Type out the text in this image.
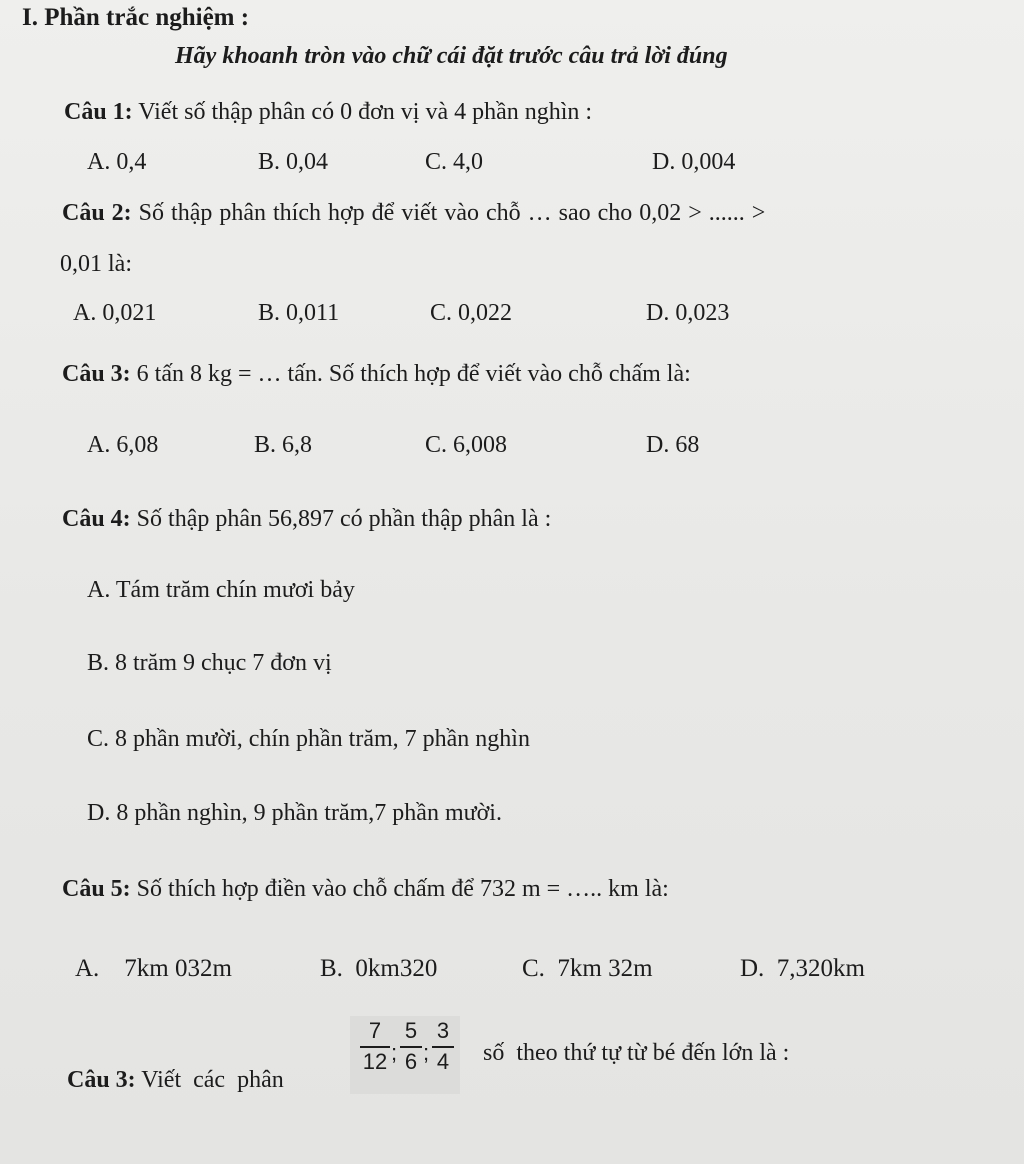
I. Phần trắc nghiệm :
Hãy khoanh tròn vào chữ cái đặt trước câu trả lời đúng
Câu 1: Viết số thập phân có 0 đơn vị và 4 phần nghìn :
A. 0,4	B. 0,04	C. 4,0	D. 0,004
Câu 2: Số thập phân thích hợp để viết vào chỗ … sao cho 0,02 > ...... >
0,01 là:
A. 0,021	B. 0,011	C. 0,022	D. 0,023
Câu 3: 6 tấn 8 kg = … tấn. Số thích hợp để viết vào chỗ chấm là:
A. 6,08	B. 6,8	C. 6,008	D. 68
Câu 4: Số thập phân 56,897 có phần thập phân là :
A. Tám trăm chín mươi bảy
B. 8 trăm 9 chục 7 đơn vị
C. 8 phần mười, chín phần trăm, 7 phần nghìn
D. 8 phần nghìn, 9 phần trăm,7 phần mười.
Câu 5: Số thích hợp điền vào chỗ chấm để 732 m = ….. km là:
A.    7km 032m	B.  0km320	C.  7km 32m	D.  7,320km

Câu 3: Viết  các  phân

7
12 ;
5
6 ;
3
4 số  theo thứ tự từ bé đến lớn là :
